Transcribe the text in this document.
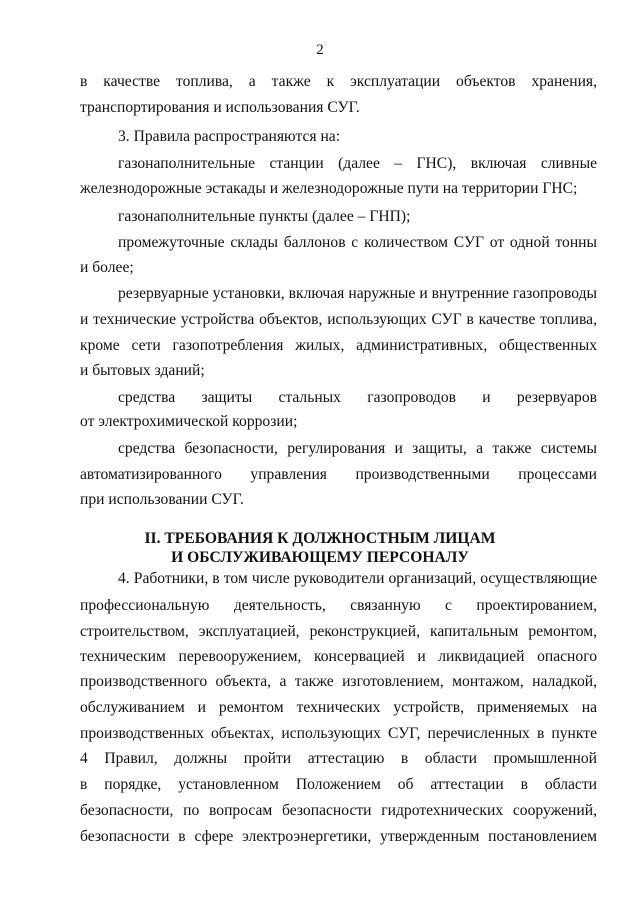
2
в качестве топлива, а также к эксплуатации объектов хранения,
транспортирования и использования СУГ.
3. Правила распространяются на:
газонаполнительные станции (далее – ГНС), включая сливные
железнодорожные эстакады и железнодорожные пути на территории ГНС;
газонаполнительные пункты (далее – ГНП);
промежуточные склады баллонов с количеством СУГ от одной тонны
и более;
резервуарные установки, включая наружные и внутренние газопроводы
и технические устройства объектов, использующих СУГ в качестве топлива,
кроме сети газопотребления жилых, административных, общественных
и бытовых зданий;
средства защиты стальных газопроводов и резервуаров
от электрохимической коррозии;
средства безопасности, регулирования и защиты, а также системы
автоматизированного управления производственными процессами
при использовании СУГ.
II. ТРЕБОВАНИЯ К ДОЛЖНОСТНЫМ ЛИЦАМ
И ОБСЛУЖИВАЮЩЕМУ ПЕРСОНАЛУ
4. Работники, в том числе руководители организаций, осуществляющие
профессиональную деятельность, связанную с проектированием,
строительством, эксплуатацией, реконструкцией, капитальным ремонтом,
техническим перевооружением, консервацией и ликвидацией опасного
производственного объекта, а также изготовлением, монтажом, наладкой,
обслуживанием и ремонтом технических устройств, применяемых на
производственных объектах, использующих СУГ, перечисленных в пункте
4 Правил, должны пройти аттестацию в области промышленной
в порядке, установленном Положением об аттестации в области
безопасности, по вопросам безопасности гидротехнических сооружений,
безопасности в сфере электроэнергетики, утвержденным постановлением
